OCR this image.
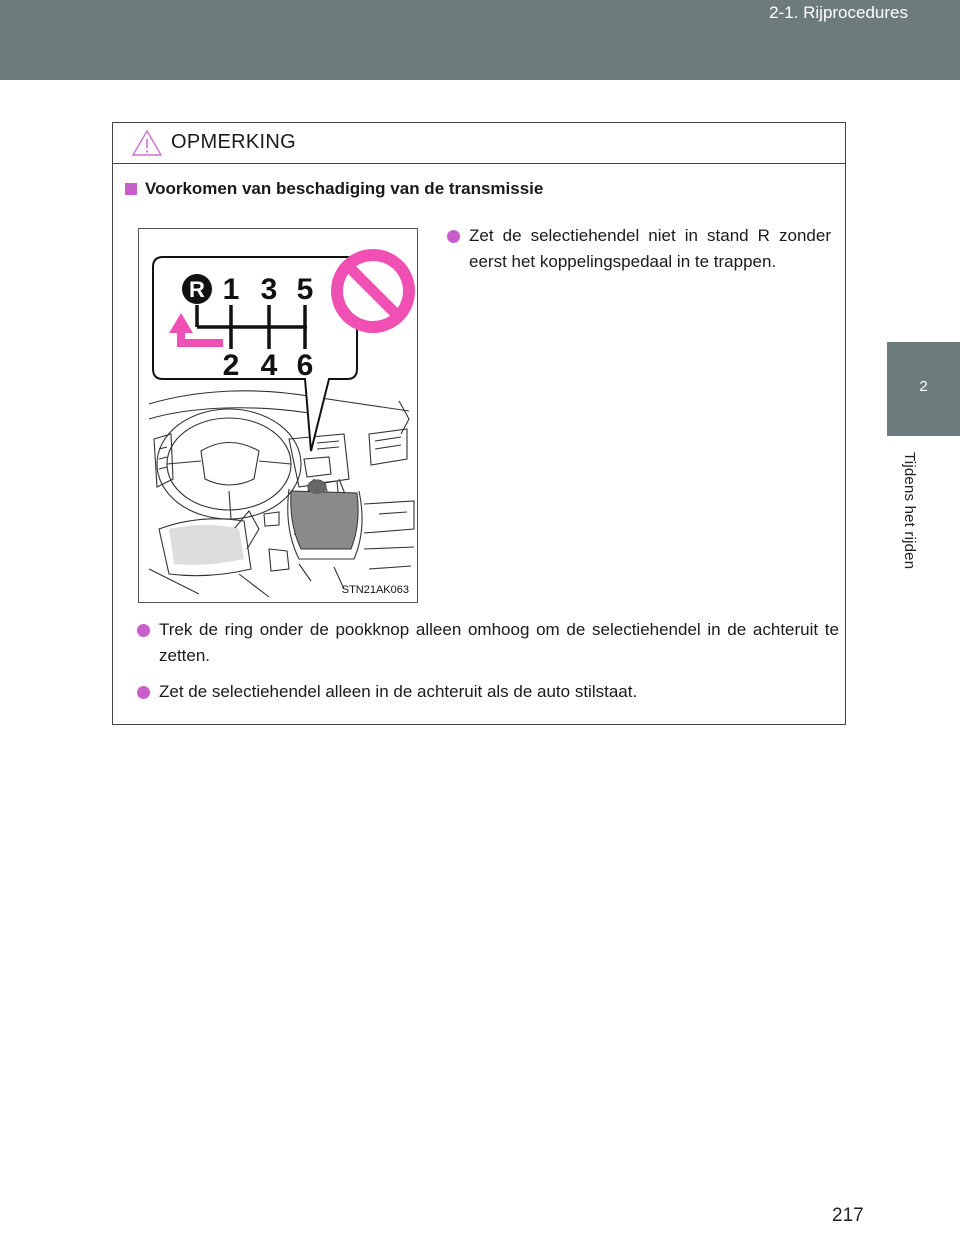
2-1. Rijprocedures
2
Tijdens het rijden
OPMERKING
Voorkomen van beschadiging van de transmissie
R 1 3 5
2 4 6
STN21AK063
Zet de selectiehendel niet in stand R zonder eerst het koppelingspedaal in te trappen.
Trek de ring onder de pookknop alleen omhoog om de selectiehendel in de achteruit te zetten.
Zet de selectiehendel alleen in de achteruit als de auto stilstaat.
217
